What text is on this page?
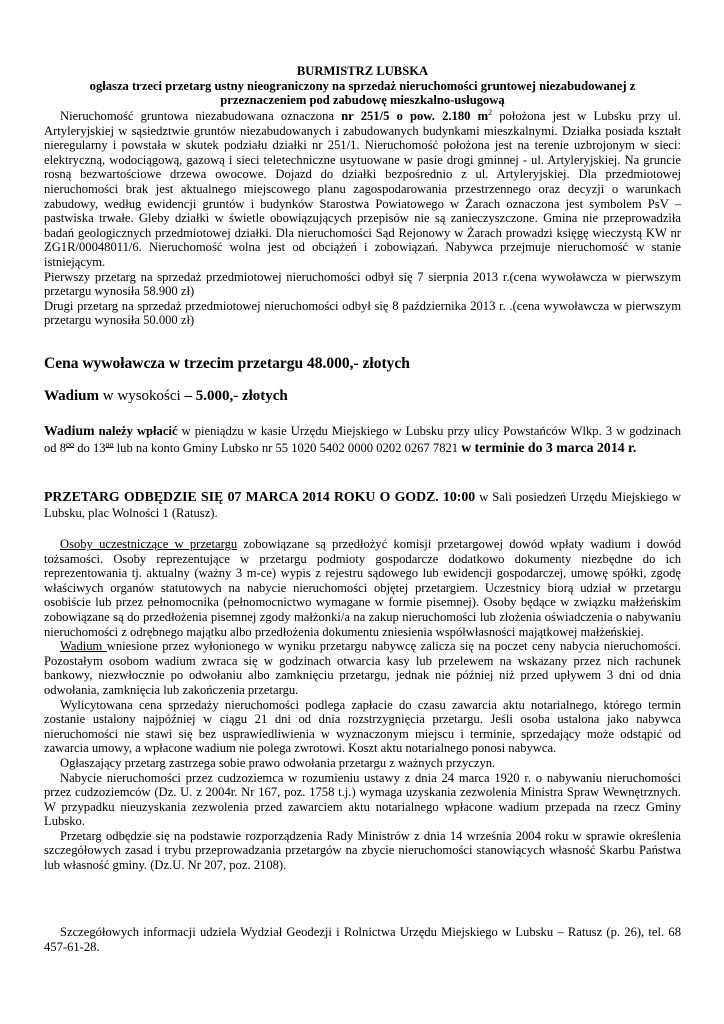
BURMISTRZ LUBSKA

ogłasza trzeci przetarg ustny nieograniczony na sprzedaż nieruchomości gruntowej niezabudowanej z przeznaczeniem pod zabudowę mieszkalno-usługową

Nieruchomość gruntowa niezabudowana oznaczona nr 251/5 o pow. 2.180 $m^2$ położona jest w Lubsku przy ul. Artyleryjskiej w sąsiedztwie gruntów niezabudowanych i zabudowanych budynkami mieszkalnymi. Działka posiada kształt nieregularny i powstała w skutek podziału działki nr 251/1. Nieruchomość położona jest na terenie uzbrojonym w sieci: elektryczną, wodociągową, gazową i sieci teletechniczne usytuowane w pasie drogi gminnej - ul. Artyleryjskiej. Na gruncie rosną bezwartościowe drzewa owocowe. Dojazd do działki bezpośrednio z ul. Artyleryjskiej. Dla przedmiotowej nieruchomości brak jest aktualnego miejscowego planu zagospodarowania przestrzennego oraz decyzji o warunkach zabudowy, według ewidencji gruntów i budynków Starostwa Powiatowego w Żarach oznaczona jest symbolem PsV – pastwiska trwałe. Gleby działki w świetle obowiązujących przepisów nie są zanieczyszczone. Gmina nie przeprowadziła badań geologicznych przedmiotowej działki. Dla nieruchomości Sąd Rejonowy w Żarach prowadzi księgę wieczystą KW nr ZG1R/00048011/6. Nieruchomość wolna jest od obciążeń i zobowiązań. Nabywca przejmuje nieruchomość w stanie istniejącym.

Pierwszy przetarg na sprzedaż przedmiotowej nieruchomości odbył się 7 sierpnia 2013 r.(cena wywoławcza w pierwszym przetargu wynosiła 58.900 zł)

Drugi przetarg na sprzedaż przedmiotowej nieruchomości odbył się 8 października 2013 r. .(cena wywoławcza w pierwszym przetargu wynosiła 50.000 zł)

Cena wywoławcza w trzecim przetargu 48.000,- złotych

Wadium w wysokości – 5.000,- złotych

Wadium należy wpłacić w pieniądzu w kasie Urzędu Miejskiego w Lubsku przy ulicy Powstańców Wlkp. 3 w godzinach od $8^{oo}$ do $13^{oo}$ lub na konto Gminy Lubsko nr 55 1020 5402 0000 0202 0267 7821 w terminie do 3 marca 2014 r.

PRZETARG ODBĘDZIE SIĘ 07 MARCA 2014 ROKU O GODZ. 10:00 w Sali posiedzeń Urzędu Miejskiego w Lubsku, plac Wolności 1 (Ratusz).

Osoby uczestniczące w przetargu zobowiązane są przedłożyć komisji przetargowej dowód wpłaty wadium i dowód tożsamości. Osoby reprezentujące w przetargu podmioty gospodarcze dodatkowo dokumenty niezbędne do ich reprezentowania tj. aktualny (ważny 3 m-ce) wypis z rejestru sądowego lub ewidencji gospodarczej, umowę spółki, zgodę właściwych organów statutowych na nabycie nieruchomości objętej przetargiem. Uczestnicy biorą udział w przetargu osobiście lub przez pełnomocnika (pełnomocnictwo wymagane w formie pisemnej). Osoby będące w związku małżeńskim zobowiązane są do przedłożenia pisemnej zgody małżonki/a na zakup nieruchomości lub złożenia oświadczenia o nabywaniu nieruchomości z odrębnego majątku albo przedłożenia dokumentu zniesienia współwłasności majątkowej małżeńskiej.

Wadium wniesione przez wyłonionego w wyniku przetargu nabywcę zalicza się na poczet ceny nabycia nieruchomości. Pozostałym osobom wadium zwraca się w godzinach otwarcia kasy lub przelewem na wskazany przez nich rachunek bankowy, niezwłocznie po odwołaniu albo zamknięciu przetargu, jednak nie później niż przed upływem 3 dni od dnia odwołania, zamknięcia lub zakończenia przetargu.

Wylicytowana cena sprzedaży nieruchomości podlega zapłacie do czasu zawarcia aktu notarialnego, którego termin zostanie ustalony najpóźniej w ciągu 21 dni od dnia rozstrzygnięcia przetargu. Jeśli osoba ustalona jako nabywca nieruchomości nie stawi się bez usprawiedliwienia w wyznaczonym miejscu i terminie, sprzedający może odstąpić od zawarcia umowy, a wpłacone wadium nie polega zwrotowi. Koszt aktu notarialnego ponosi nabywca.

Ogłaszający przetarg zastrzega sobie prawo odwołania przetargu z ważnych przyczyn.

Nabycie nieruchomości przez cudzoziemca w rozumieniu ustawy z dnia 24 marca 1920 r. o nabywaniu nieruchomości przez cudzoziemców (Dz. U. z 2004r. Nr 167, poz. 1758 t.j.) wymaga uzyskania zezwolenia Ministra Spraw Wewnętrznych. W przypadku nieuzyskania zezwolenia przed zawarciem aktu notarialnego wpłacone wadium przepada na rzecz Gminy Lubsko.

Przetarg odbędzie się na podstawie rozporządzenia Rady Ministrów z dnia 14 września 2004 roku w sprawie określenia szczegółowych zasad i trybu przeprowadzania przetargów na zbycie nieruchomości stanowiących własność Skarbu Państwa lub własność gminy. (Dz.U. Nr 207, poz. 2108).

Szczegółowych informacji udziela Wydział Geodezji i Rolnictwa Urzędu Miejskiego w Lubsku – Ratusz (p. 26), tel. 68 457-61-28.
